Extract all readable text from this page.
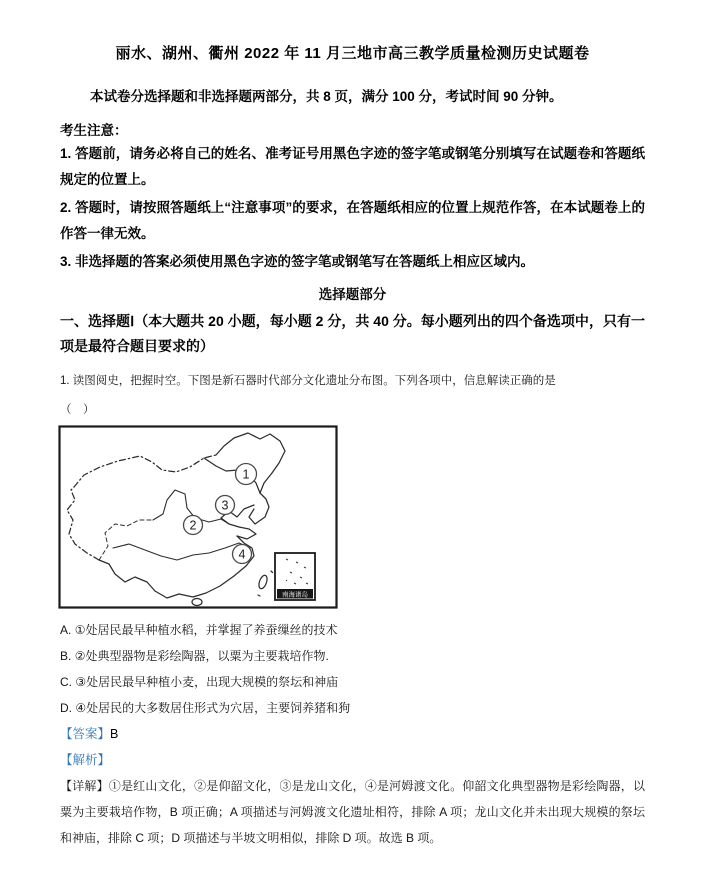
丽水、湖州、衢州 2022 年 11 月三地市高三教学质量检测历史试题卷

本试卷分选择题和非选择题两部分，共 8 页，满分 100 分，考试时间 90 分钟。

考生注意：

1. 答题前，请务必将自己的姓名、准考证号用黑色字迹的签字笔或钢笔分别填写在试题卷和答题纸规定的位置上。

2. 答题时，请按照答题纸上“注意事项”的要求，在答题纸相应的位置上规范作答，在本试题卷上的作答一律无效。

3. 非选择题的答案必须使用黑色字迹的签字笔或钢笔写在答题纸上相应区域内。

选择题部分

一、选择题Ⅰ（本大题共 20 小题，每小题 2 分，共 40 分。每小题列出的四个备选项中，只有一项是最符合题目要求的）

1. 读图阅史，把握时空。下图是新石器时代部分文化遗址分布图。下列各项中，信息解读正确的是

（　）

1
3
2
4
南海诸岛

A. ①处居民最早种植水稻，并掌握了养蚕缫丝的技术

B. ②处典型器物是彩绘陶器，以粟为主要栽培作物.

C. ③处居民最早种植小麦，出现大规模的祭坛和神庙

D. ④处居民的大多数居住形式为穴居，主要饲养猪和狗

【答案】B

【解析】

【详解】①是红山文化，②是仰韶文化，③是龙山文化，④是河姆渡文化。仰韶文化典型器物是彩绘陶器，以粟为主要栽培作物，B 项正确；A 项描述与河姆渡文化遗址相符，排除 A 项；龙山文化并未出现大规模的祭坛和神庙，排除 C 项；D 项描述与半坡文明相似，排除 D 项。故选 B 项。
